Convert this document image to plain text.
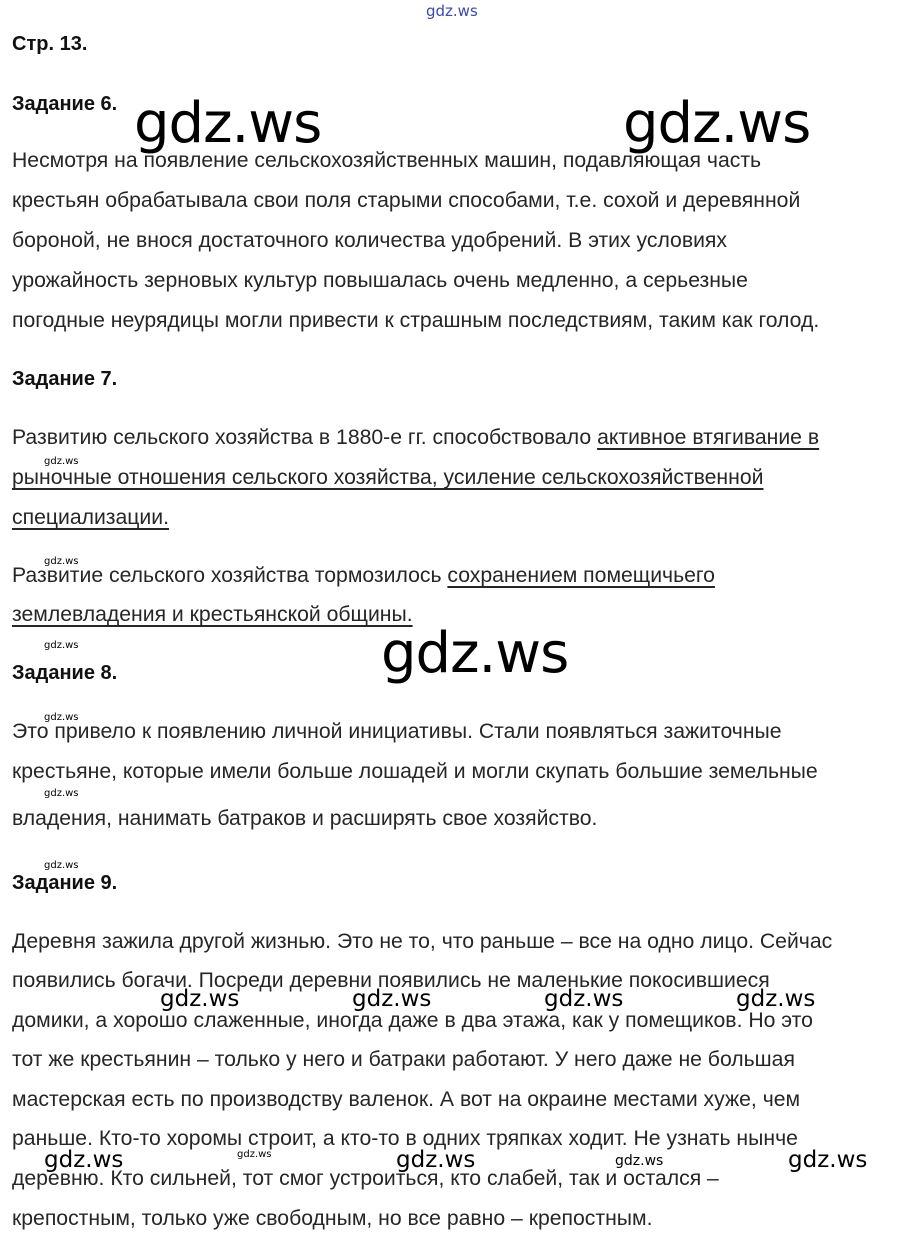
Стр. 13.
Задание 6.
Несмотря на появление сельскохозяйственных машин, подавляющая часть
крестьян обрабатывала свои поля старыми способами, т.е. сохой и деревянной
бороной, не внося достаточного количества удобрений. В этих условиях
урожайность зерновых культур повышалась очень медленно, а серьезные
погодные неурядицы могли привести к страшным последствиям, таким как голод.
Задание 7.
Развитию сельского хозяйства в 1880-е гг. способствовало активное втягивание в
рыночные отношения сельского хозяйства, усиление сельскохозяйственной
специализации.
Развитие сельского хозяйства тормозилось сохранением помещичьего
землевладения и крестьянской общины.
Задание 8.
Это привело к появлению личной инициативы. Стали появляться зажиточные
крестьяне, которые имели больше лошадей и могли скупать большие земельные
владения, нанимать батраков и расширять свое хозяйство.
Задание 9.
Деревня зажила другой жизнью. Это не то, что раньше – все на одно лицо. Сейчас
появились богачи. Посреди деревни появились не маленькие покосившиеся
домики, а хорошо слаженные, иногда даже в два этажа, как у помещиков. Но это
тот же крестьянин – только у него и батраки работают. У него даже не большая
мастерская есть по производству валенок. А вот на окраине местами хуже, чем
раньше. Кто-то хоромы строит, а кто-то в одних тряпках ходит. Не узнать нынче
деревню. Кто сильней, тот смог устроиться, кто слабей, так и остался –
крепостным, только уже свободным, но все равно – крепостным.
gdz.ws
gdz.ws	gdz.ws
gdz.ws
gdz.ws
gdz.ws
gdz.ws
gdz.ws
gdz.ws
gdz.ws
gdz.ws	gdz.ws
gdz.ws	gdz.ws	gdz.ws	gdz.ws
gdz.ws	gdz.ws	gdz.ws
